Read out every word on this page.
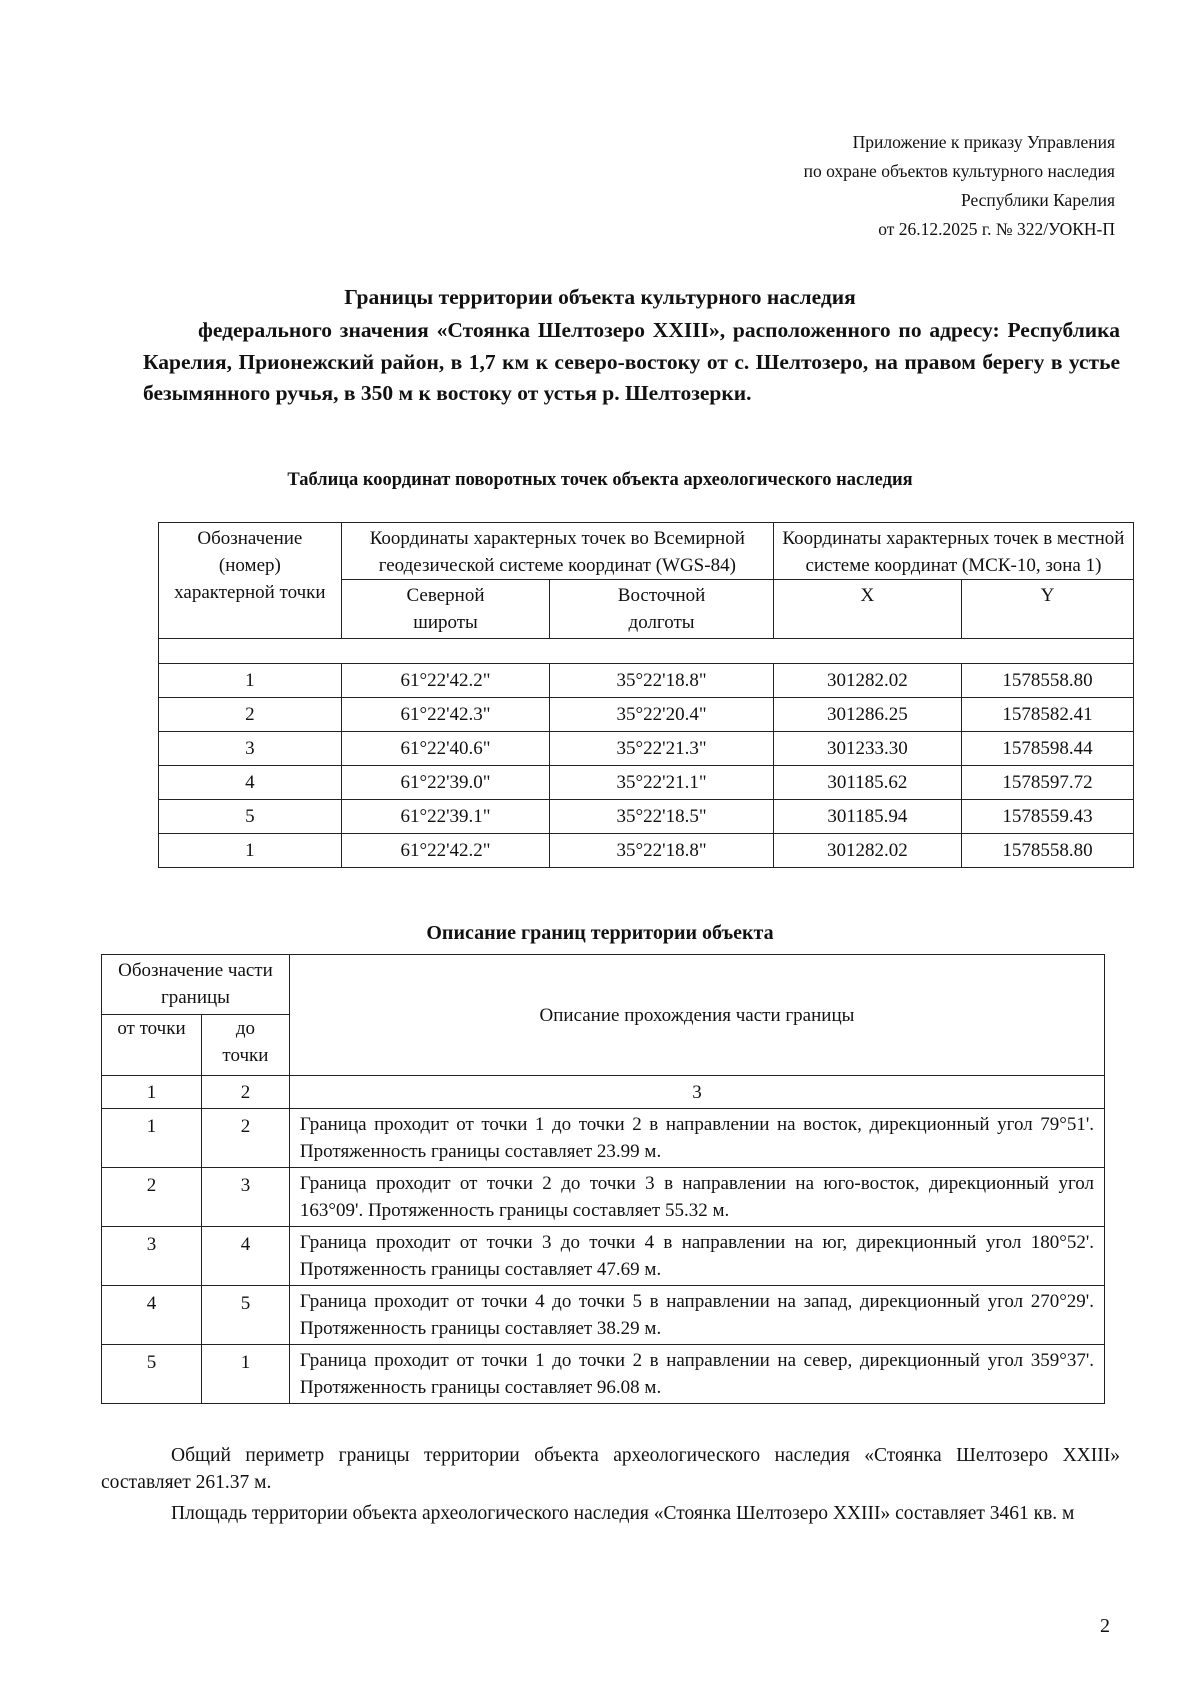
Приложение к приказу Управления
по охране объектов культурного наследия
Республики Карелия
от 26.12.2025 г. № 322/УОКН-П
Границы территории объекта культурного наследия
федерального значения «Стоянка Шелтозеро XXIII», расположенного по адресу: Республика Карелия, Прионежский район, в 1,7 км к северо-востоку от с. Шелтозеро, на правом берегу в устье безымянного ручья, в 350 м к востоку от устья р. Шелтозерки.
Таблица координат поворотных точек объекта археологического наследия
Обозначение (номер) характерной точки	Координаты характерных точек во Всемирной геодезической системе координат (WGS-84)		Координаты характерных точек в местной системе координат (МСК-10, зона 1)	
	Северной широты	Восточной долготы	X	Y

1	61°22'42.2"	35°22'18.8"	301282.02	1578558.80
2	61°22'42.3"	35°22'20.4"	301286.25	1578582.41
3	61°22'40.6"	35°22'21.3"	301233.30	1578598.44
4	61°22'39.0"	35°22'21.1"	301185.62	1578597.72
5	61°22'39.1"	35°22'18.5"	301185.94	1578559.43
1	61°22'42.2"	35°22'18.8"	301282.02	1578558.80
Описание границ территории объекта
Обозначение части границы		Описание прохождения части границы
от точки	до точки	
1	2	3
1	2	Граница проходит от точки 1 до точки 2 в направлении на восток, дирекционный угол 79°51'. Протяженность границы составляет 23.99 м.
2	3	Граница проходит от точки 2 до точки 3 в направлении на юго-восток, дирекционный угол 163°09'. Протяженность границы составляет 55.32 м.
3	4	Граница проходит от точки 3 до точки 4 в направлении на юг, дирекционный угол 180°52'. Протяженность границы составляет 47.69 м.
4	5	Граница проходит от точки 4 до точки 5 в направлении на запад, дирекционный угол 270°29'. Протяженность границы составляет 38.29 м.
5	1	Граница проходит от точки 1 до точки 2 в направлении на север, дирекционный угол 359°37'. Протяженность границы составляет 96.08 м.
Общий периметр границы территории объекта археологического наследия «Стоянка Шелтозеро XXIII» составляет 261.37 м.
Площадь территории объекта археологического наследия «Стоянка Шелтозеро XXIII» составляет 3461 кв. м
2
